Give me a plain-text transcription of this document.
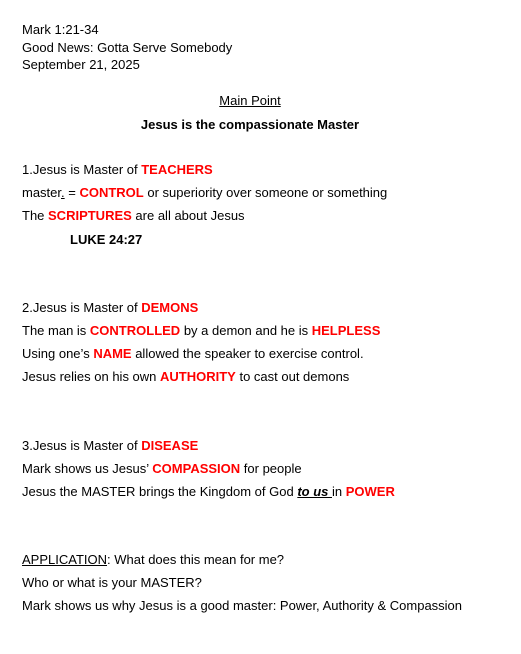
Mark 1:21-34
Good News: Gotta Serve Somebody
September 21, 2025
Main Point
Jesus is the compassionate Master
1.Jesus is Master of TEACHERS
master. = CONTROL or superiority over someone or something
The SCRIPTURES are all about Jesus
LUKE 24:27
2.Jesus is Master of DEMONS
The man is CONTROLLED by a demon and he is HELPLESS
Using one’s NAME allowed the speaker to exercise control.
Jesus relies on his own AUTHORITY to cast out demons
3.Jesus is Master of DISEASE
Mark shows us Jesus’ COMPASSION for people
Jesus the MASTER brings the Kingdom of God to us in POWER
APPLICATION: What does this mean for me?
Who or what is your MASTER?
Mark shows us why Jesus is a good master: Power, Authority & Compassion
